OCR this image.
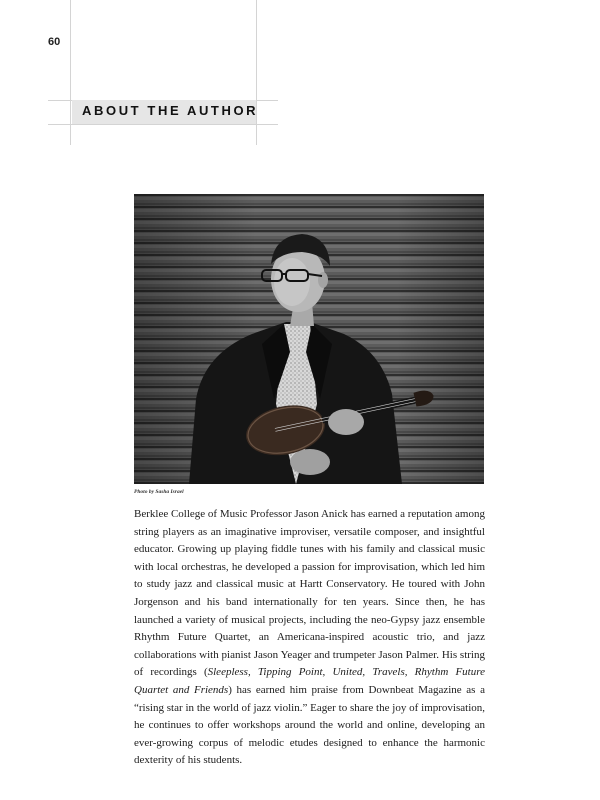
60
ABOUT THE AUTHOR
Photo by Sasha Israel

Berklee College of Music Professor Jason Anick has earned a reputation among string players as an imaginative improviser, versatile composer, and insightful educator. Growing up playing fiddle tunes with his family and classical music with local orchestras, he developed a passion for improvisation, which led him to study jazz and classical music at Hartt Conservatory. He toured with John Jorgenson and his band internationally for ten years. Since then, he has launched a variety of musical projects, including the neo-Gypsy jazz ensemble Rhythm Future Quartet, an Americana-inspired acoustic trio, and jazz collaborations with pianist Jason Yeager and trumpeter Jason Palmer. His string of recordings (Sleepless, Tipping Point, United, Travels, Rhythm Future Quartet and Friends) has earned him praise from Downbeat Magazine as a “rising star in the world of jazz violin.” Eager to share the joy of improvisation, he continues to offer workshops around the world and online, developing an ever-growing corpus of melodic etudes designed to enhance the harmonic dexterity of his students.
